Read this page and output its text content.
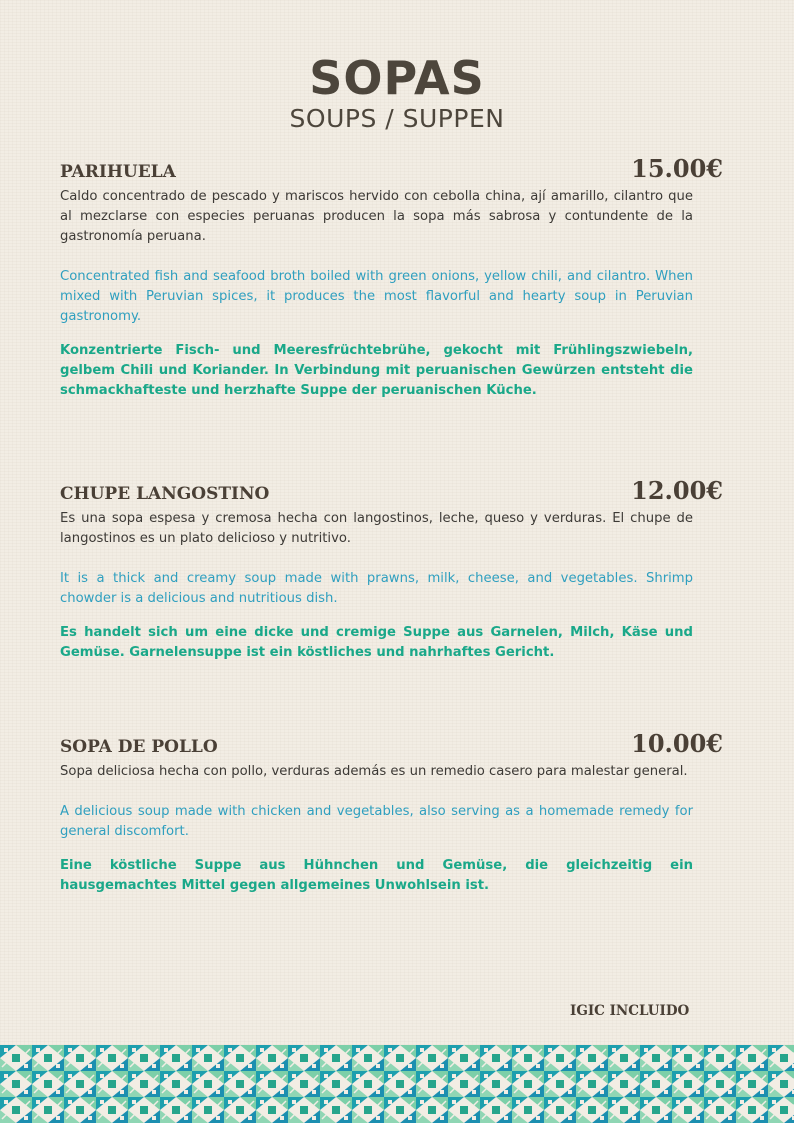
SOPAS
SOUPS / SUPPEN
PARIHUELA	15.00€

Caldo concentrado de pescado y mariscos hervido con cebolla china, ají amarillo, cilantro que al mezclarse con especies peruanas producen la sopa más sabrosa y contundente de la gastronomía peruana.

Concentrated fish and seafood broth boiled with green onions, yellow chili, and cilantro. When mixed with Peruvian spices, it produces the most flavorful and hearty soup in Peruvian gastronomy.

Konzentrierte Fisch- und Meeresfrüchtebrühe, gekocht mit Frühlingszwiebeln, gelbem Chili und Koriander. In Verbindung mit peruanischen Gewürzen entsteht die schmackhafteste und herzhafte Suppe der peruanischen Küche.

CHUPE LANGOSTINO	12.00€

Es una sopa espesa y cremosa hecha con langostinos, leche, queso y verduras. El chupe de langostinos es un plato delicioso y nutritivo.

It is a thick and creamy soup made with prawns, milk, cheese, and vegetables. Shrimp chowder is a delicious and nutritious dish.

Es handelt sich um eine dicke und cremige Suppe aus Garnelen, Milch, Käse und Gemüse. Garnelensuppe ist ein köstliches und nahrhaftes Gericht.

SOPA DE POLLO	10.00€

Sopa deliciosa hecha con pollo, verduras además es un remedio casero para malestar general.

A delicious soup made with chicken and vegetables, also serving as a homemade remedy for general discomfort.

Eine köstliche Suppe aus Hühnchen und Gemüse, die gleichzeitig ein hausgemachtes Mittel gegen allgemeines Unwohlsein ist.

IGIC INCLUIDO
